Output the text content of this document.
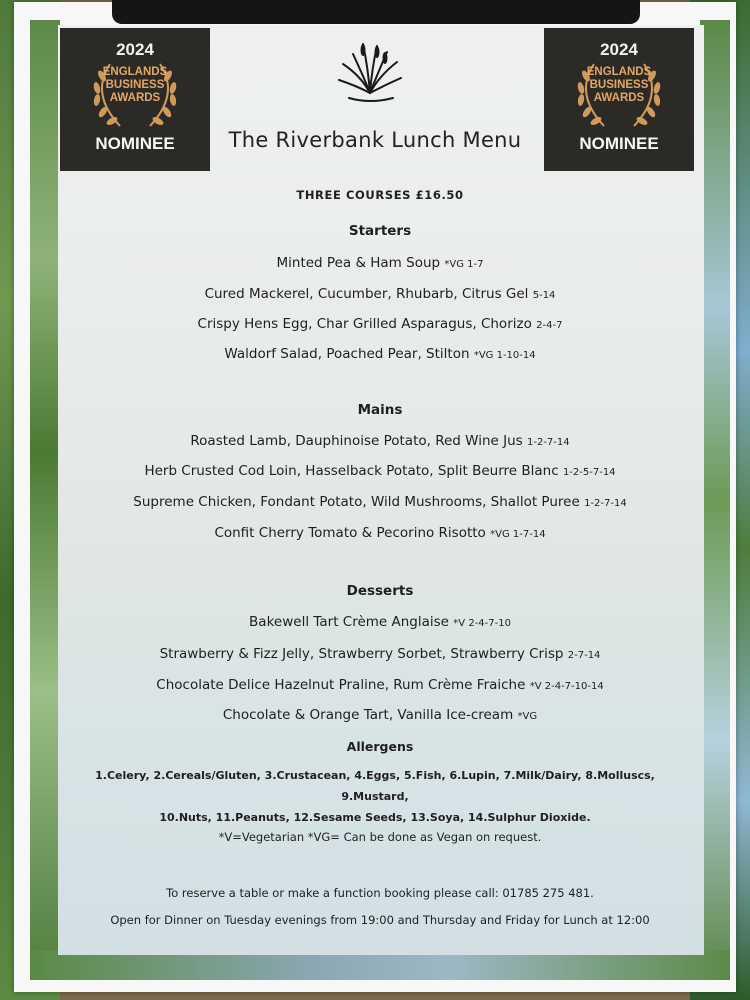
2024
ENGLANDS
BUSINESS
AWARDS
NOMINEE
2024
ENGLANDS
BUSINESS
AWARDS
NOMINEE
The Riverbank Lunch Menu
THREE COURSES £16.50
Starters
Minted Pea & Ham Soup *VG 1-7
Cured Mackerel, Cucumber, Rhubarb, Citrus Gel 5-14
Crispy Hens Egg, Char Grilled Asparagus, Chorizo 2-4-7
Waldorf Salad, Poached Pear, Stilton *VG 1-10-14
Mains
Roasted Lamb, Dauphinoise Potato, Red Wine Jus 1-2-7-14
Herb Crusted Cod Loin, Hasselback Potato, Split Beurre Blanc 1-2-5-7-14
Supreme Chicken, Fondant Potato, Wild Mushrooms, Shallot Puree 1-2-7-14
Confit Cherry Tomato & Pecorino Risotto *VG 1-7-14
Desserts
Bakewell Tart Crème Anglaise *V 2-4-7-10
Strawberry & Fizz Jelly, Strawberry Sorbet, Strawberry Crisp 2-7-14
Chocolate Delice Hazelnut Praline, Rum Crème Fraiche *V 2-4-7-10-14
Chocolate & Orange Tart, Vanilla Ice-cream *VG
Allergens
1.Celery, 2.Cereals/Gluten, 3.Crustacean, 4.Eggs, 5.Fish, 6.Lupin, 7.Milk/Dairy, 8.Molluscs, 9.Mustard,
10.Nuts, 11.Peanuts, 12.Sesame Seeds, 13.Soya, 14.Sulphur Dioxide.
*V=Vegetarian *VG= Can be done as Vegan on request.
To reserve a table or make a function booking please call: 01785 275 481.
Open for Dinner on Tuesday evenings from 19:00 and Thursday and Friday for Lunch at 12:00
